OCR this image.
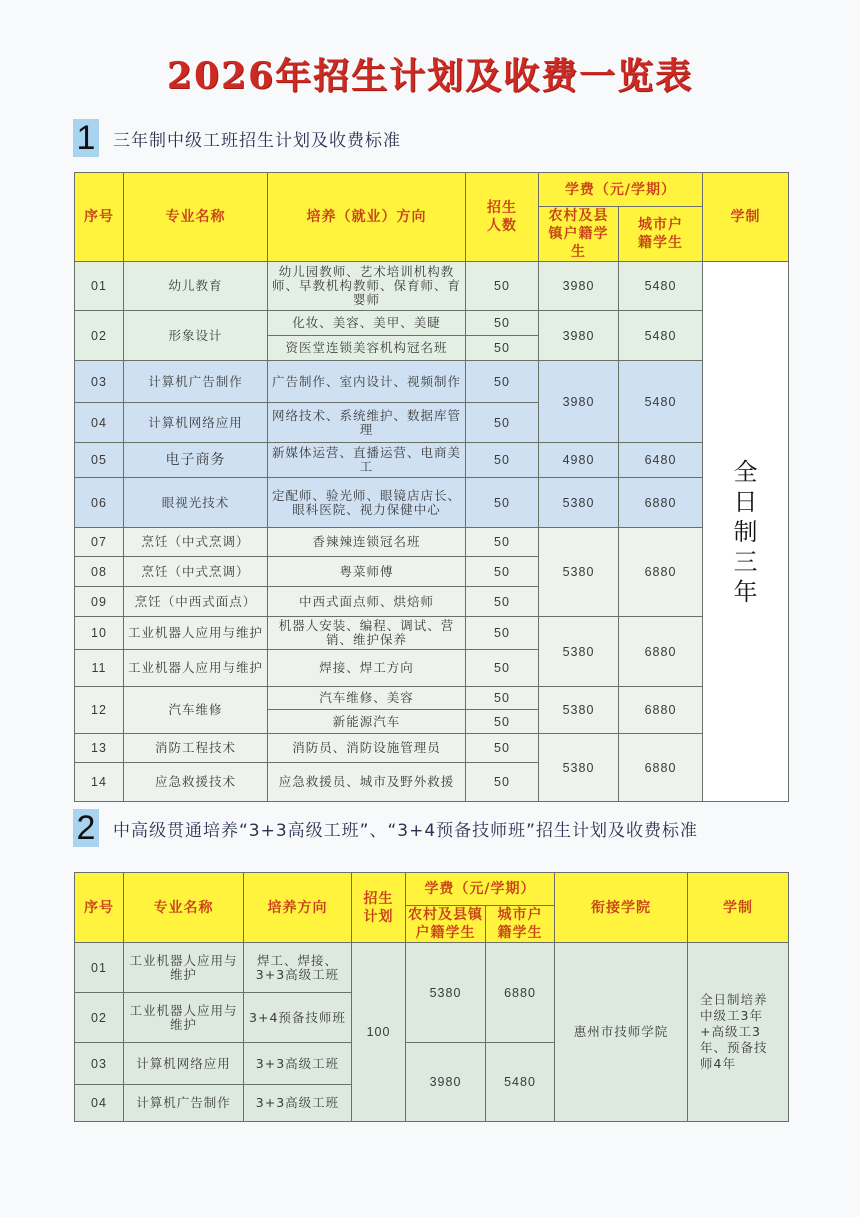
2026年招生计划及收费一览表
1 三年制中级工班招生计划及收费标准
序号	专业名称	培养（就业）方向	招生人数	学费（元/学期）		学制
				农村及县镇户籍学生	城市户籍学生	
01	幼儿教育	幼儿园教师、艺术培训机构教师、早教机构教师、保育师、育婴师	50	3980	5480	全日制三年
02	形象设计	化妆、美容、美甲、美睫	50	3980	5480	
		资医堂连锁美容机构冠名班	50			
03	计算机广告制作	广告制作、室内设计、视频制作	50	3980	5480	
04	计算机网络应用	网络技术、系统维护、数据库管理	50			
05	电子商务	新媒体运营、直播运营、电商美工	50	4980	6480	
06	眼视光技术	定配师、验光师、眼镜店店长、眼科医院、视力保健中心	50	5380	6880	
07	烹饪（中式烹调）	香辣辣连锁冠名班	50	5380	6880	
08	烹饪（中式烹调）	粤菜师傅	50			
09	烹饪（中西式面点）	中西式面点师、烘焙师	50			
10	工业机器人应用与维护	机器人安装、编程、调试、营销、维护保养	50	5380	6880	
11	工业机器人应用与维护	焊接、焊工方向	50			
12	汽车维修	汽车维修、美容	50	5380	6880	
		新能源汽车	50			
13	消防工程技术	消防员、消防设施管理员	50	5380	6880	
14	应急救援技术	应急救援员、城市及野外救援	50			
2 中高级贯通培养“3+3高级工班”、“3+4预备技师班”招生计划及收费标准
序号	专业名称	培养方向	招生计划	学费（元/学期）		衔接学院	学制
				农村及县镇户籍学生	城市户籍学生		
01	工业机器人应用与维护	焊工、焊接、3+3高级工班	100	5380	6880	惠州市技师学院	全日制培养中级工3年+高级工3年、预备技师4年

02	工业机器人应用与维护	3+4预备技师班					
03	计算机网络应用	3+3高级工班		3980	5480		
04	计算机广告制作	3+3高级工班					
